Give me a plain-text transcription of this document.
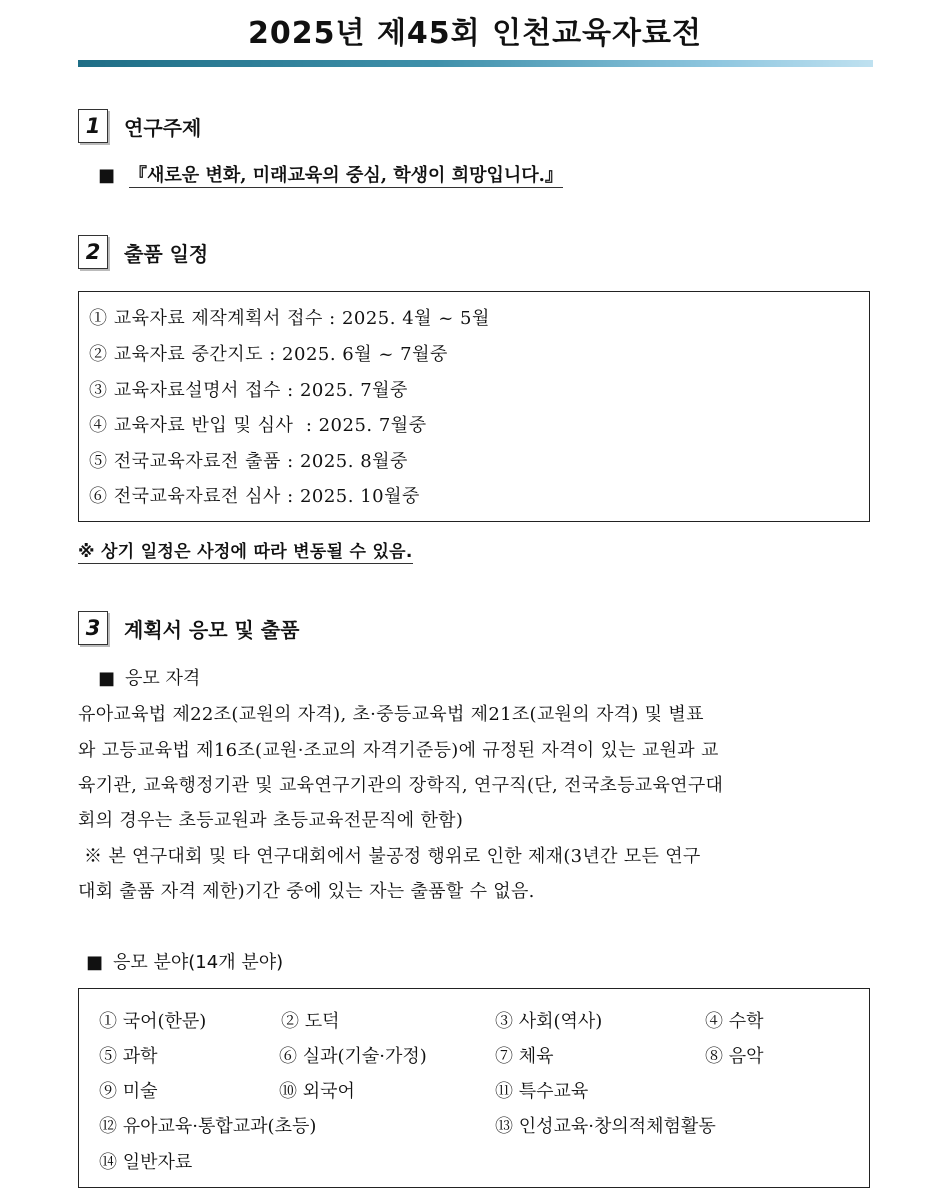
2025년 제45회 인천교육자료전
1	연구주제
■ 『새로운 변화, 미래교육의 중심, 학생이 희망입니다.』
2	출품 일정
① 교육자료 제작계획서 접수 : 2025. 4월 ~ 5월
② 교육자료 중간지도 : 2025. 6월 ~ 7월중
③ 교육자료설명서 접수 : 2025. 7월중
④ 교육자료 반입 및 심사  : 2025. 7월중
⑤ 전국교육자료전 출품 : 2025. 8월중
⑥ 전국교육자료전 심사 : 2025. 10월중
※ 상기 일정은 사정에 따라 변동될 수 있음.
3	계획서 응모 및 출품
■ 응모 자격
유아교육법 제22조(교원의 자격), 초·중등교육법 제21조(교원의 자격) 및 별표
와 고등교육법 제16조(교원·조교의 자격기준등)에 규정된 자격이 있는 교원과 교
육기관, 교육행정기관 및 교육연구기관의 장학직, 연구직(단, 전국초등교육연구대
회의 경우는 초등교원과 초등교육전문직에 한함)
※ 본 연구대회 및 타 연구대회에서 불공정 행위로 인한 제재(3년간 모든 연구
대회 출품 자격 제한)기간 중에 있는 자는 출품할 수 없음.
■ 응모 분야(14개 분야)
① 국어(한문)	② 도덕	③ 사회(역사)	④ 수학
⑤ 과학	⑥ 실과(기술·가정)	⑦ 체육	⑧ 음악
⑨ 미술	⑩ 외국어	⑪ 특수교육
⑫ 유아교육·통합교과(초등)	⑬ 인성교육·창의적체험활동
⑭ 일반자료
